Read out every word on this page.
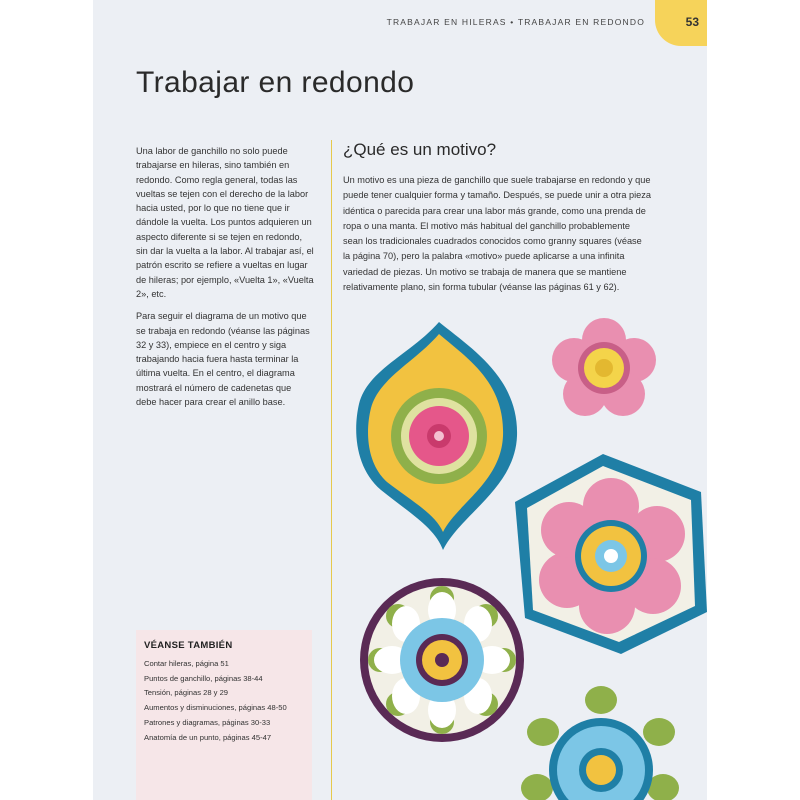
TRABAJAR EN HILERAS • TRABAJAR EN REDONDO	53
Trabajar en redondo

Una labor de ganchillo no solo puede trabajarse en hileras, sino también en redondo. Como regla general, todas las vueltas se tejen con el derecho de la labor hacia usted, por lo que no tiene que ir dándole la vuelta. Los puntos adquieren un aspecto diferente si se tejen en redondo, sin dar la vuelta a la labor. Al trabajar así, el patrón escrito se refiere a vueltas en lugar de hileras; por ejemplo, «Vuelta 1», «Vuelta 2», etc.

Para seguir el diagrama de un motivo que se trabaja en redondo (véanse las páginas 32 y 33), empiece en el centro y siga trabajando hacia fuera hasta terminar la última vuelta. En el centro, el diagrama mostrará el número de cadenetas que debe hacer para crear el anillo base.

¿Qué es un motivo?

Un motivo es una pieza de ganchillo que suele trabajarse en redondo y que puede tener cualquier forma y tamaño. Después, se puede unir a otra pieza idéntica o parecida para crear una labor más grande, como una prenda de ropa o una manta. El motivo más habitual del ganchillo probablemente sean los tradicionales cuadrados conocidos como granny squares (véase la página 70), pero la palabra «motivo» puede aplicarse a una infinita variedad de piezas. Un motivo se trabaja de manera que se mantiene relativamente plano, sin forma tubular (véanse las páginas 61 y 62).

VÉANSE TAMBIÉN
Contar hileras, página 51
Puntos de ganchillo, páginas 38-44
Tensión, páginas 28 y 29
Aumentos y disminuciones, páginas 48-50
Patrones y diagramas, páginas 30-33
Anatomía de un punto, páginas 45-47
